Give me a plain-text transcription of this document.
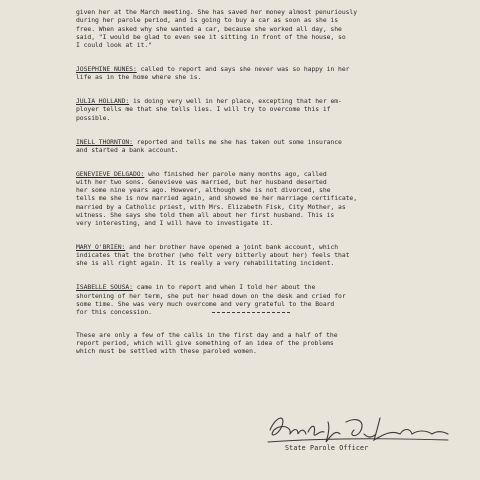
given her at the March meeting. She has saved her money almost penuriously
during her parole period, and is going to buy a car as soon as she is
free. When asked why she wanted a car, because she worked all day, she
said, "I would be glad to even see it sitting in front of the house, so
I could look at it."

JOSEPHINE NUNES: called to report and says she never was so happy in her
life as in the home where she is.

JULIA HOLLAND: is doing very well in her place, excepting that her em-
ployer tells me that she tells lies. I will try to overcome this if
possible.

INELL THORNTON: reported and tells me she has taken out some insurance
and started a bank account.

GENEVIEVE DELGADO: who finished her parole many months ago, called
with her two sons. Genevieve was married, but her husband deserted
her some nine years ago. However, although she is not divorced, she
tells me she is now married again, and showed me her marriage certificate,
married by a Catholic priest, with Mrs. Elizabeth Fisk, City Mother, as
witness. She says she told them all about her first husband. This is
very interesting, and I will have to investigate it.

MARY O'BRIEN: and her brother have opened a joint bank account, which
indicates that the brother (who felt very bitterly about her) feels that
she is all right again. It is really a very rehabilitating incident.

ISABELLE SOUSA: came in to report and when I told her about the
shortening of her term, she put her head down on the desk and cried for
some time. She was very much overcome and very grateful to the Board
for this concession.

These are only a few of the calls in the first day and a half of the
report period, which will give something of an idea of the problems
which must be settled with these paroled women.
State Parole Officer
